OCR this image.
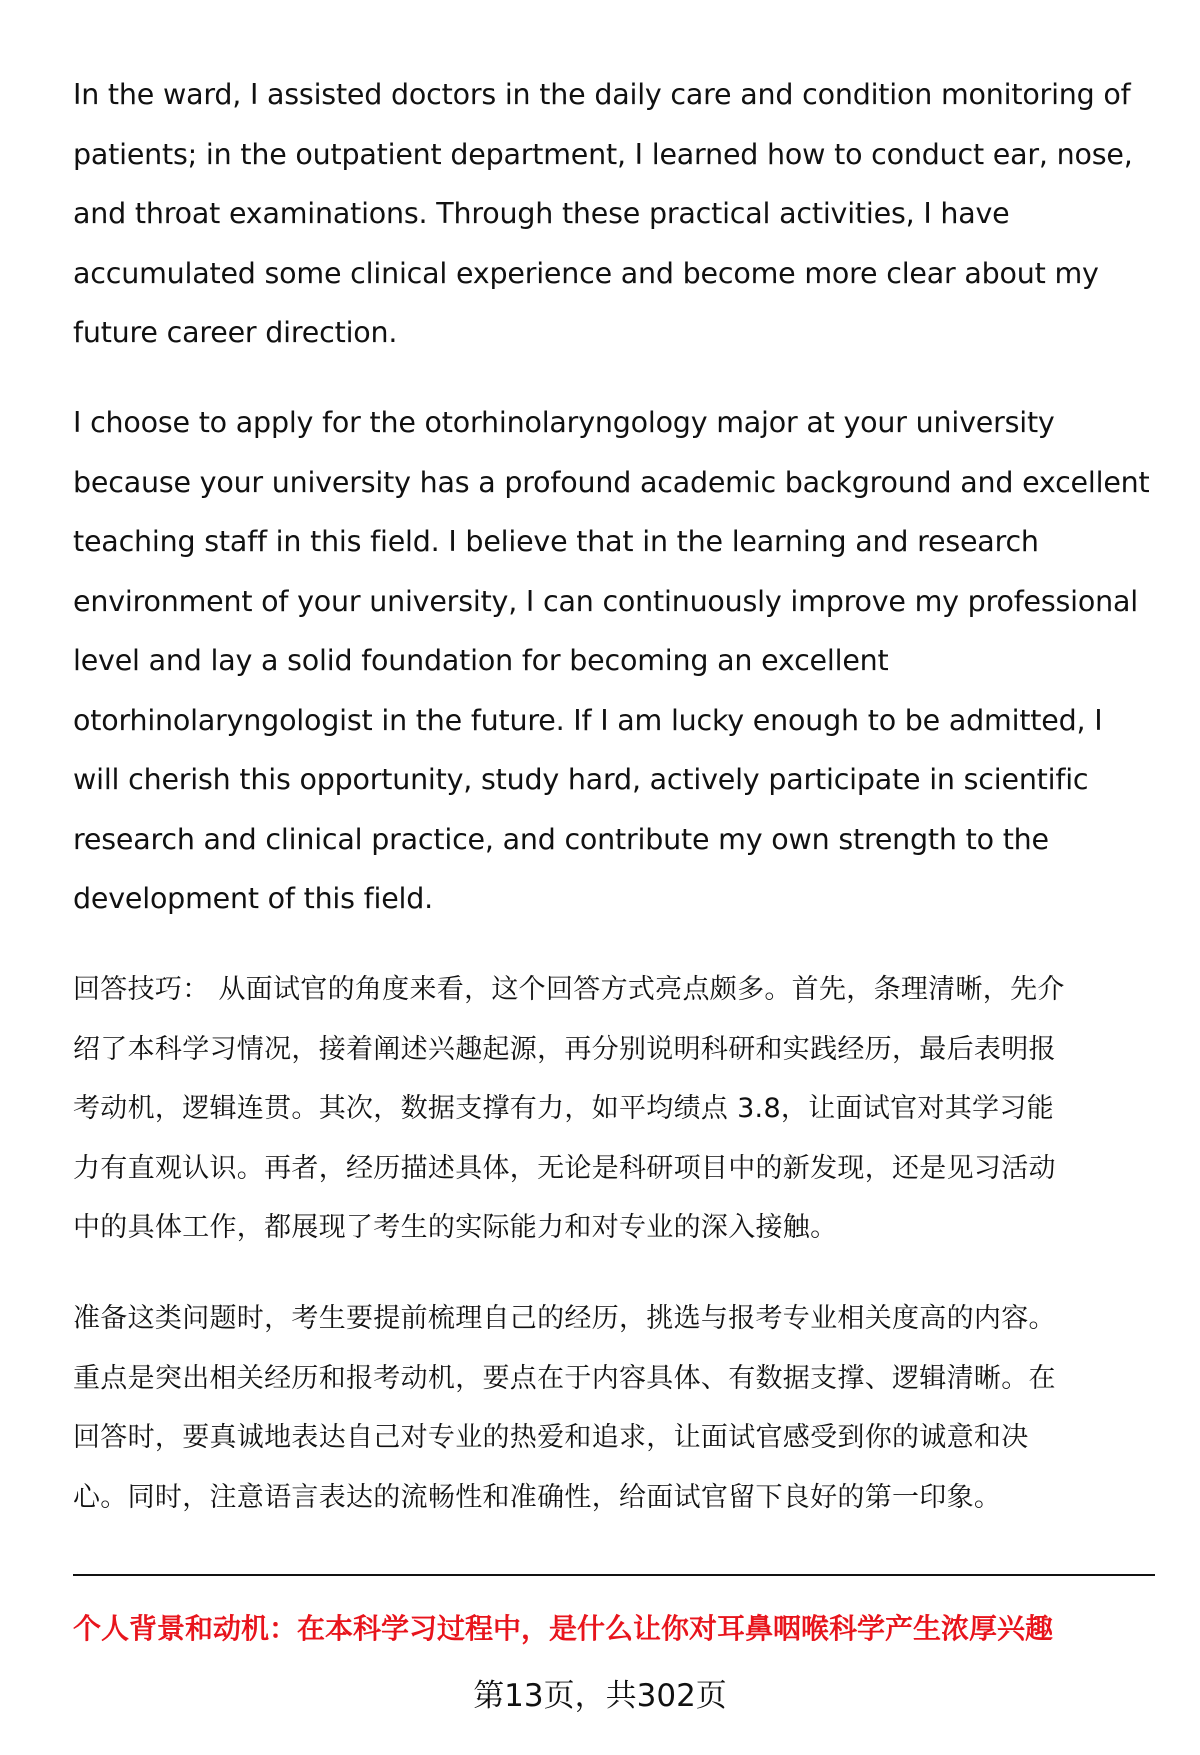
In the ward, I assisted doctors in the daily care and condition monitoring of
patients; in the outpatient department, I learned how to conduct ear, nose,
and throat examinations. Through these practical activities, I have
accumulated some clinical experience and become more clear about my
future career direction.
I choose to apply for the otorhinolaryngology major at your university
because your university has a profound academic background and excellent
teaching staff in this field. I believe that in the learning and research
environment of your university, I can continuously improve my professional
level and lay a solid foundation for becoming an excellent
otorhinolaryngologist in the future. If I am lucky enough to be admitted, I
will cherish this opportunity, study hard, actively participate in scientific
research and clinical practice, and contribute my own strength to the
development of this field.
回答技巧： 从面试官的角度来看，这个回答方式亮点颇多。首先，条理清晰，先介
绍了本科学习情况，接着阐述兴趣起源，再分别说明科研和实践经历，最后表明报
考动机，逻辑连贯。其次，数据支撑有力，如平均绩点 3.8，让面试官对其学习能
力有直观认识。再者，经历描述具体，无论是科研项目中的新发现，还是见习活动
中的具体工作，都展现了考生的实际能力和对专业的深入接触。
准备这类问题时，考生要提前梳理自己的经历，挑选与报考专业相关度高的内容。
重点是突出相关经历和报考动机，要点在于内容具体、有数据支撑、逻辑清晰。在
回答时，要真诚地表达自己对专业的热爱和追求，让面试官感受到你的诚意和决
心。同时，注意语言表达的流畅性和准确性，给面试官留下良好的第一印象。
个人背景和动机：在本科学习过程中，是什么让你对耳鼻咽喉科学产生浓厚兴趣
第13页，共302页
